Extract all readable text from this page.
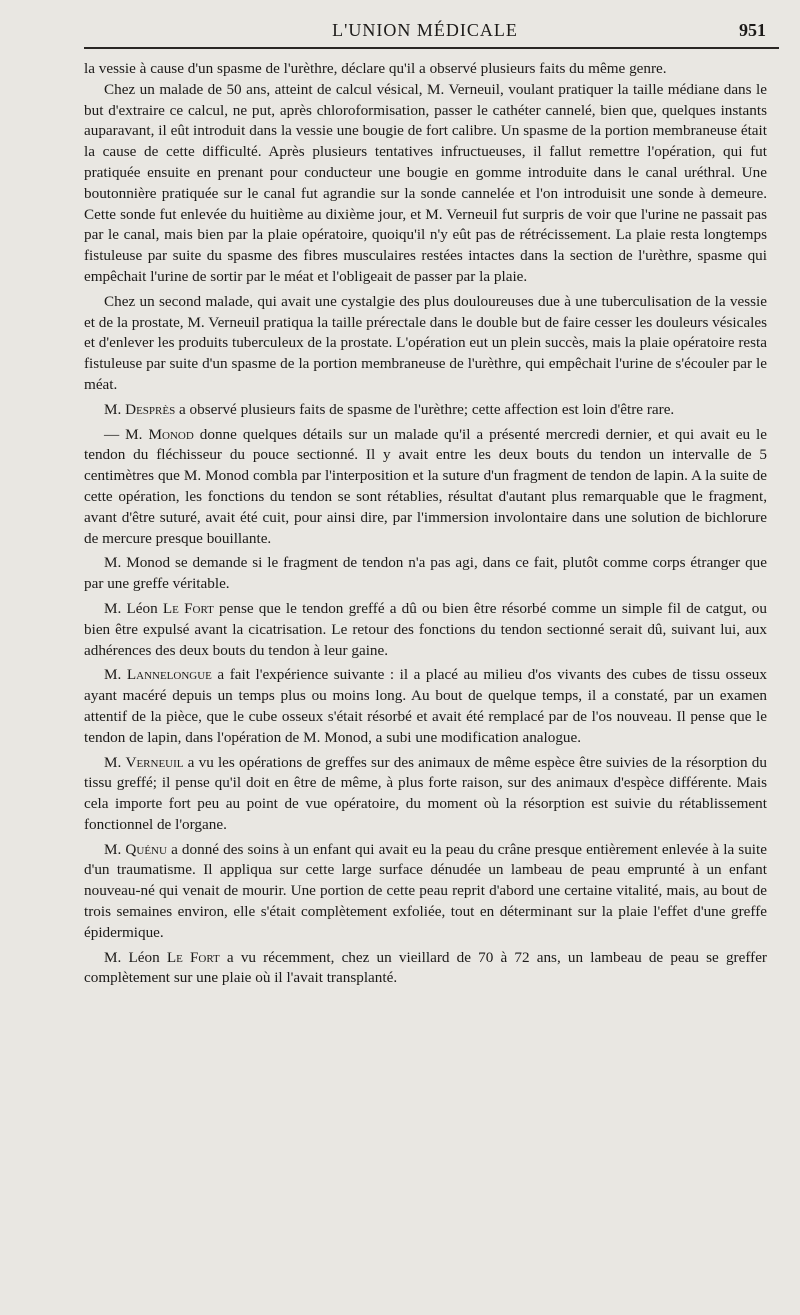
L'UNION MÉDICALE	951

la vessie à cause d'un spasme de l'urèthre, déclare qu'il a observé plusieurs faits du même genre.

Chez un malade de 50 ans, atteint de calcul vésical, M. Verneuil, voulant pratiquer la taille médiane dans le but d'extraire ce calcul, ne put, après chloroformisation, passer le cathéter cannelé, bien que, quelques instants auparavant, il eût introduit dans la vessie une bougie de fort calibre. Un spasme de la portion membraneuse était la cause de cette difficulté. Après plusieurs tentatives infructueuses, il fallut remettre l'opération, qui fut pratiquée ensuite en prenant pour conducteur une bougie en gomme introduite dans le canal uréthral. Une boutonnière pratiquée sur le canal fut agrandie sur la sonde cannelée et l'on introduisit une sonde à demeure. Cette sonde fut enlevée du huitième au dixième jour, et M. Verneuil fut surpris de voir que l'urine ne passait pas par le canal, mais bien par la plaie opératoire, quoiqu'il n'y eût pas de rétrécissement. La plaie resta longtemps fistuleuse par suite du spasme des fibres musculaires restées intactes dans la section de l'urèthre, spasme qui empêchait l'urine de sortir par le méat et l'obligeait de passer par la plaie.

Chez un second malade, qui avait une cystalgie des plus douloureuses due à une tuberculisation de la vessie et de la prostate, M. Verneuil pratiqua la taille prérectale dans le double but de faire cesser les douleurs vésicales et d'enlever les produits tuberculeux de la prostate. L'opération eut un plein succès, mais la plaie opératoire resta fistuleuse par suite d'un spasme de la portion membraneuse de l'urèthre, qui empêchait l'urine de s'écouler par le méat.

M. Desprès a observé plusieurs faits de spasme de l'urèthre; cette affection est loin d'être rare.

— M. Monod donne quelques détails sur un malade qu'il a présenté mercredi dernier, et qui avait eu le tendon du fléchisseur du pouce sectionné. Il y avait entre les deux bouts du tendon un intervalle de 5 centimètres que M. Monod combla par l'interposition et la suture d'un fragment de tendon de lapin. A la suite de cette opération, les fonctions du tendon se sont rétablies, résultat d'autant plus remarquable que le fragment, avant d'être suturé, avait été cuit, pour ainsi dire, par l'immersion involontaire dans une solution de bichlorure de mercure presque bouillante.

M. Monod se demande si le fragment de tendon n'a pas agi, dans ce fait, plutôt comme corps étranger que par une greffe véritable.

M. Léon Le Fort pense que le tendon greffé a dû ou bien être résorbé comme un simple fil de catgut, ou bien être expulsé avant la cicatrisation. Le retour des fonctions du tendon sectionné serait dû, suivant lui, aux adhérences des deux bouts du tendon à leur gaine.

M. Lannelongue a fait l'expérience suivante : il a placé au milieu d'os vivants des cubes de tissu osseux ayant macéré depuis un temps plus ou moins long. Au bout de quelque temps, il a constaté, par un examen attentif de la pièce, que le cube osseux s'était résorbé et avait été remplacé par de l'os nouveau. Il pense que le tendon de lapin, dans l'opération de M. Monod, a subi une modification analogue.

M. Verneuil a vu les opérations de greffes sur des animaux de même espèce être suivies de la résorption du tissu greffé; il pense qu'il doit en être de même, à plus forte raison, sur des animaux d'espèce différente. Mais cela importe fort peu au point de vue opératoire, du moment où la résorption est suivie du rétablissement fonctionnel de l'organe.

M. Quénu a donné des soins à un enfant qui avait eu la peau du crâne presque entièrement enlevée à la suite d'un traumatisme. Il appliqua sur cette large surface dénudée un lambeau de peau emprunté à un enfant nouveau-né qui venait de mourir. Une portion de cette peau reprit d'abord une certaine vitalité, mais, au bout de trois semaines environ, elle s'était complètement exfoliée, tout en déterminant sur la plaie l'effet d'une greffe épidermique.

M. Léon Le Fort a vu récemment, chez un vieillard de 70 à 72 ans, un lambeau de peau se greffer complètement sur une plaie où il l'avait transplanté.
